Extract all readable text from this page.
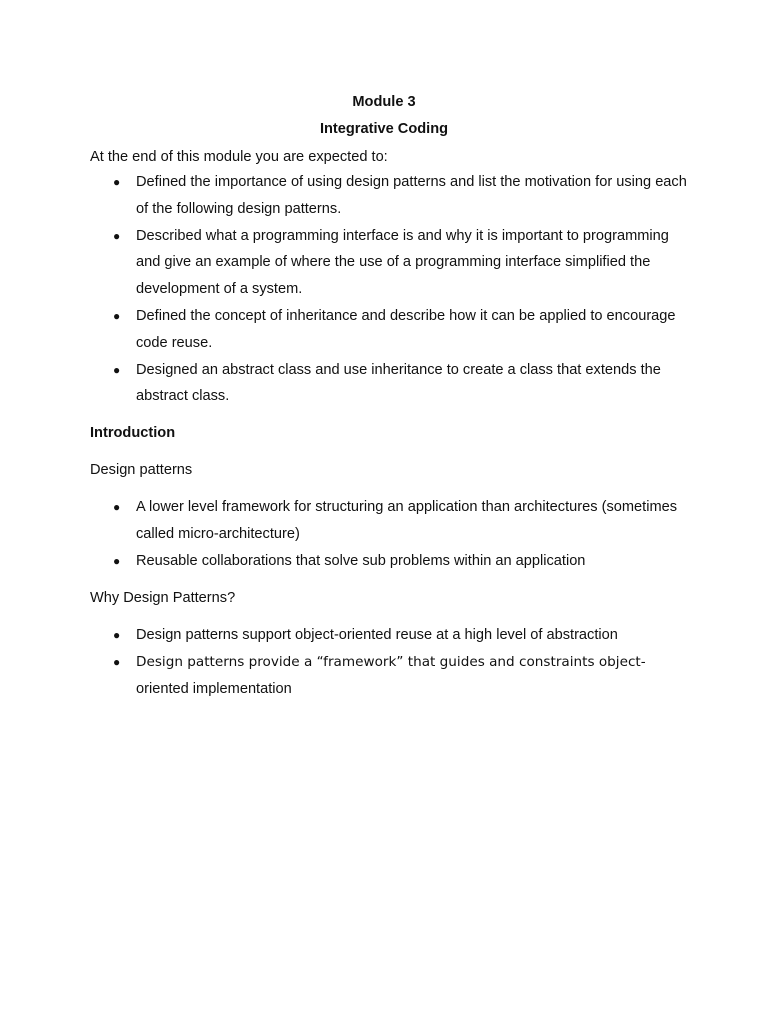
Module 3
Integrative Coding
At the end of this module you are expected to:
● Defined the importance of using design patterns and list the motivation for using each of the following design patterns.
● Described what a programming interface is and why it is important to programming and give an example of where the use of a programming interface simplified the development of a system.
● Defined the concept of inheritance and describe how it can be applied to encourage code reuse.
● Designed an abstract class and use inheritance to create a class that extends the abstract class.
Introduction
Design patterns
● A lower level framework for structuring an application than architectures (sometimes called micro-architecture)
● Reusable collaborations that solve sub problems within an application
Why Design Patterns?
● Design patterns support object-oriented reuse at a high level of abstraction
● Design patterns provide a “framework” that guides and constraints object-
oriented implementation
